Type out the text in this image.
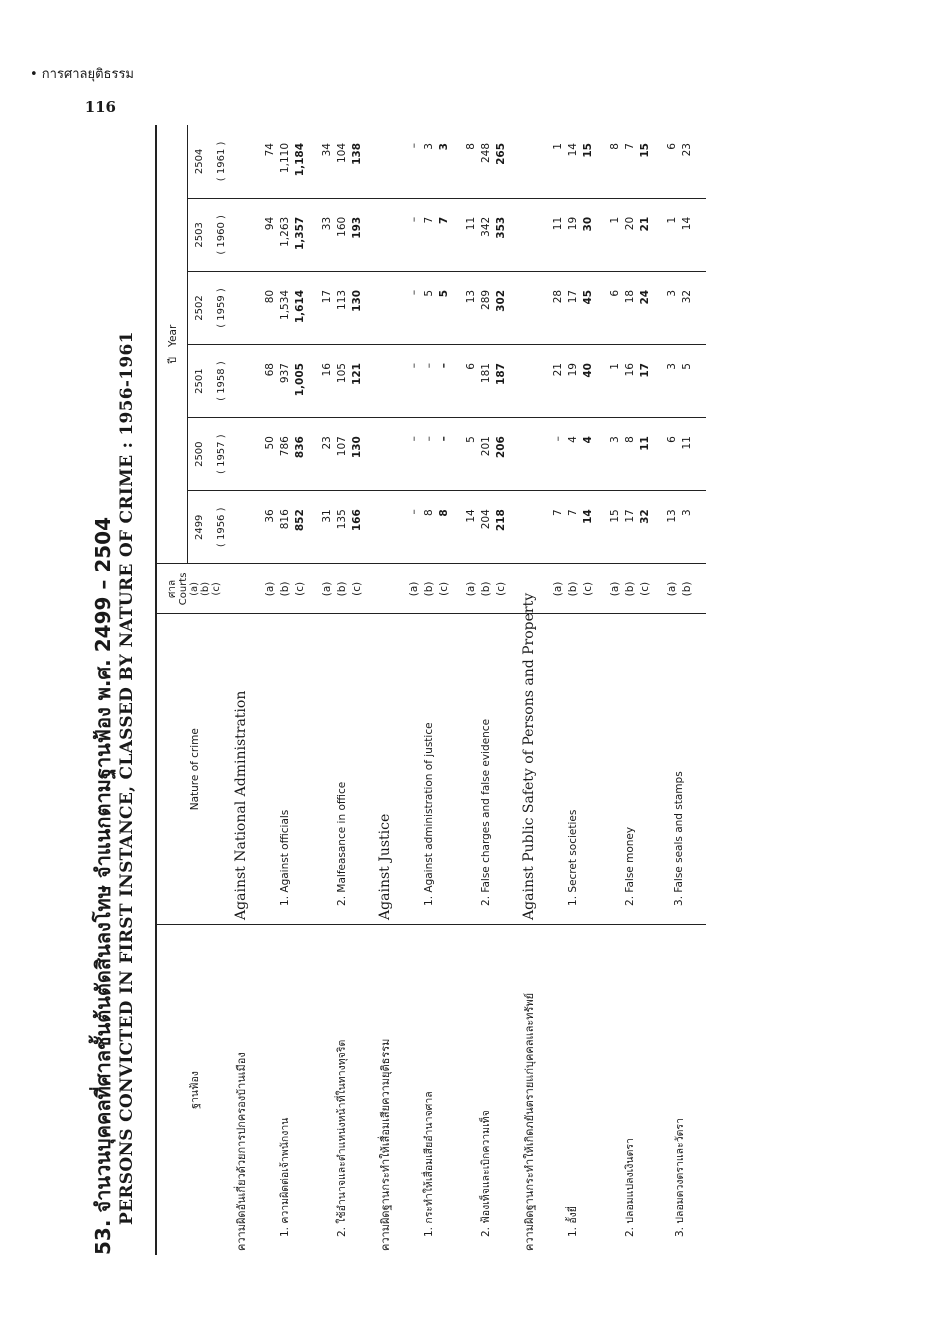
• การศาลยุติธรรม
116
53. จำนวนบุคคลที่ศาลชั้นต้นตัดสินลงโทษ จำแนกตามฐานฟ้อง พ.ศ. 2499 – 2504 PERSONS CONVICTED IN FIRST INSTANCE, CLASSED BY NATURE OF CRIME : 1956-1961	ฐานฟ้อง	Nature of crime	ศาล
Courts
(a)
(b)
(c)	ปี   Year					
			2499	2500	2501	2502	2503	2504
			( 1956 )	( 1957 )	( 1958 )	( 1959 )	( 1960 )	( 1961 )
ความผิดอันเกี่ยวด้วยการปกครองบ้านเมือง	Against National Administration							

1. ความผิดต่อเจ้าพนักงาน	1. Against officials	(a)	36	50	68	80	94	74
		(b)	816	786	937	1,534	1,263	1,110
		(c)	852	836	1,005	1,614	1,357	1,184

2. ใช้อำนาจและตำแหน่งหน้าที่ในทางทุจริต	2. Malfeasance in office	(a)	31	23	16	17	33	34
		(b)	135	107	105	113	160	104
		(c)	166	130	121	130	193	138

ความผิดฐานกระทำให้เสื่อมเสียความยุติธรรม	Against Justice							

1. กระทำให้เสื่อมเสียอำนาจศาล	1. Against administration of justice	(a)	–	–	–	–	–	–
		(b)	8	–	–	5	7	3
		(c)	8	–	–	5	7	3

2. ฟ้องเท็จและเบิกความเท็จ	2. False charges and false evidence	(a)	14	5	6	13	11	8
		(b)	204	201	181	289	342	248
		(c)	218	206	187	302	353	265

ความผิดฐานกระทำให้เกิดภยันตรายแก่บุคคลและทรัพย์	Against Public Safety of Persons and Property							

1. อั้งยี่	1. Secret societies	(a)	7	–	21	28	11	1
		(b)	7	4	19	17	19	14
		(c)	14	4	40	45	30	15

2. ปลอมแปลงเงินตรา	2. False money	(a)	15	3	1	6	1	8
		(b)	17	8	16	18	20	7
		(c)	32	11	17	24	21	15

3. ปลอมดวงตราและวัตรา	3. False seals and stamps	(a)	13	6	3	3	1	6
		(b)	3	11	5	32	14	23
